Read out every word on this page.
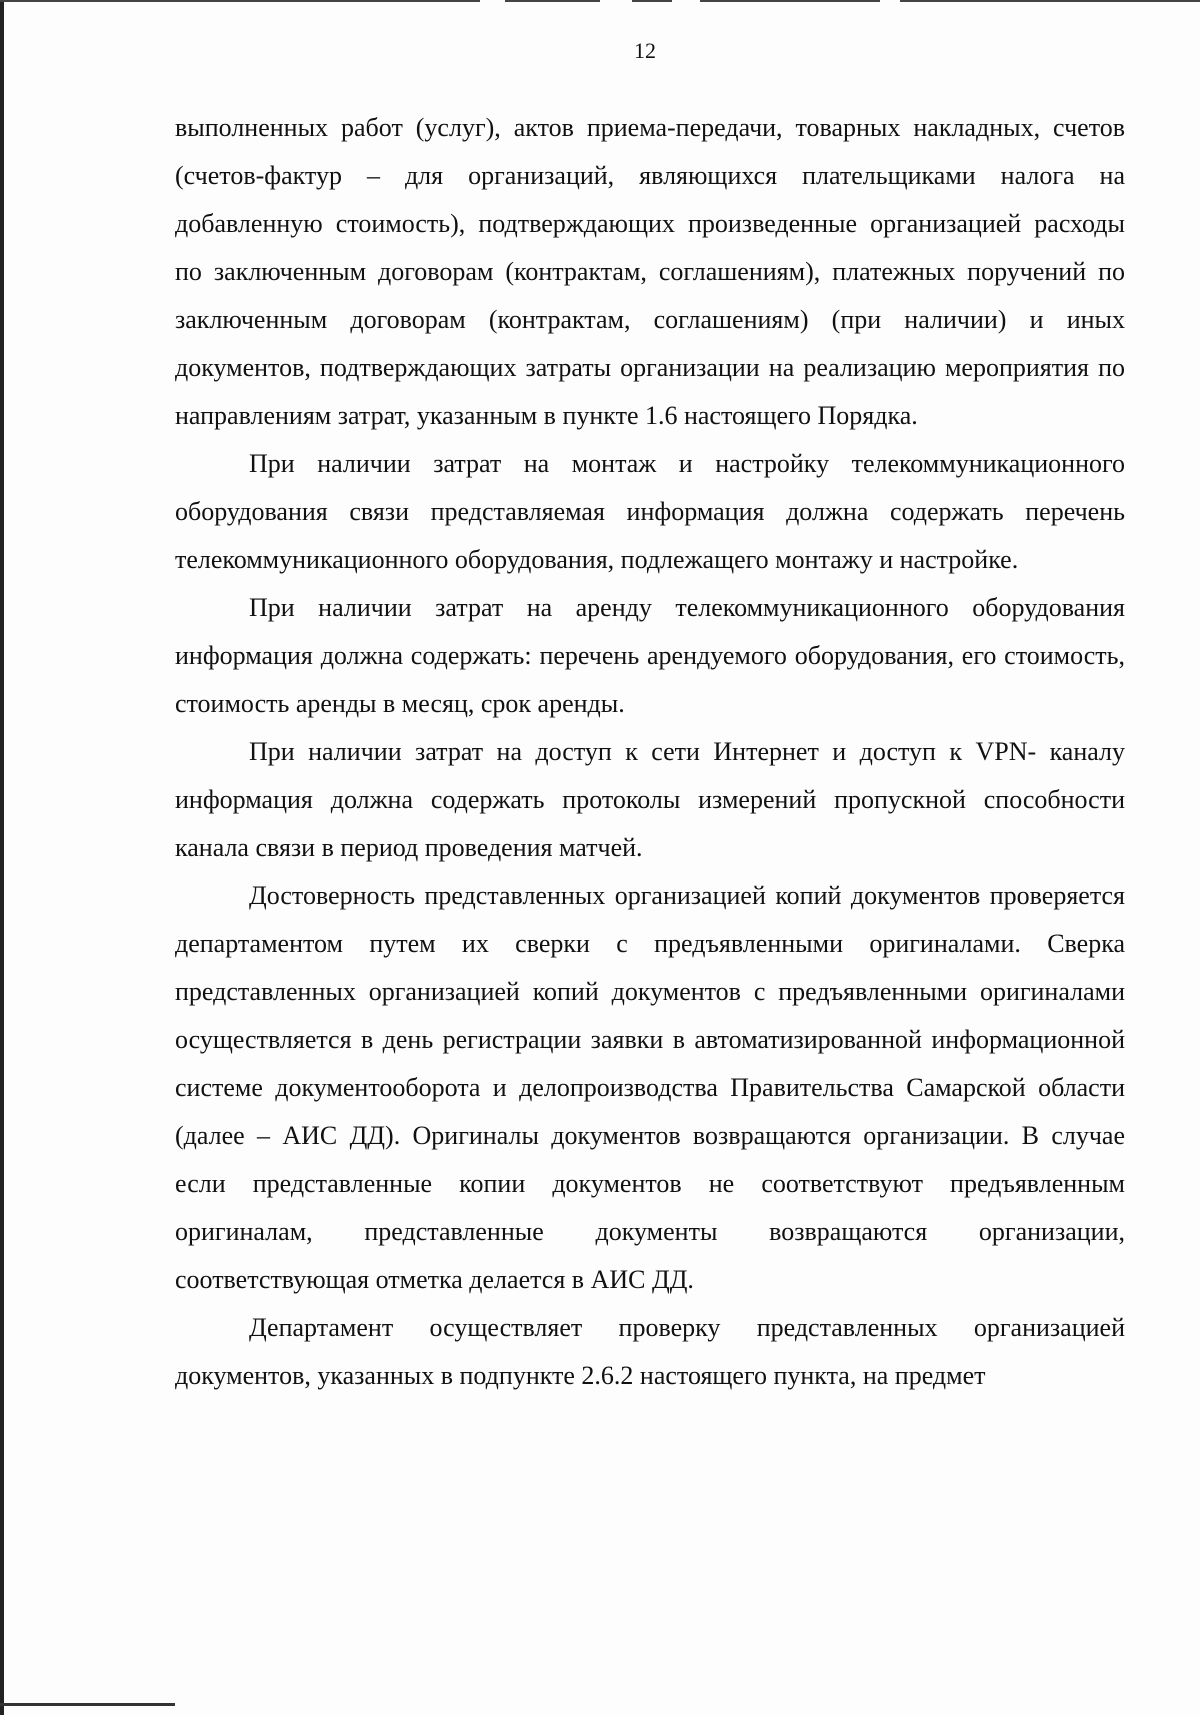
12

выполненных работ (услуг), актов приема-передачи, товарных накладных, счетов (счетов-фактур – для организаций, являющихся плательщиками налога на добавленную стоимость), подтверждающих произведенные организацией расходы по заключенным договорам (контрактам, соглашениям), платежных поручений по заключенным договорам (контрактам, соглашениям) (при наличии) и иных документов, подтверждающих затраты организации на реализацию мероприятия по направлениям затрат, указанным в пункте 1.6 настоящего Порядка.

При наличии затрат на монтаж и настройку телекоммуникационного оборудования связи представляемая информация должна содержать перечень телекоммуникационного оборудования, подлежащего монтажу и настройке.

При наличии затрат на аренду телекоммуникационного оборудования информация должна содержать: перечень арендуемого оборудования, его стоимость, стоимость аренды в месяц, срок аренды.

При наличии затрат на доступ к сети Интернет и доступ к VPN- каналу информация должна содержать протоколы измерений пропускной способности канала связи в период проведения матчей.

Достоверность представленных организацией копий документов проверяется департаментом путем их сверки с предъявленными оригиналами. Сверка представленных организацией копий документов с предъявленными оригиналами осуществляется в день регистрации заявки в автоматизированной информационной системе документооборота и делопроизводства Правительства Самарской области (далее – АИС ДД). Оригиналы документов возвращаются организации. В случае если представленные копии документов не соответствуют предъявленным оригиналам, представленные документы возвращаются организации, соответствующая отметка делается в АИС ДД.

Департамент осуществляет проверку представленных организацией документов, указанных в подпункте 2.6.2 настоящего пункта, на предмет
